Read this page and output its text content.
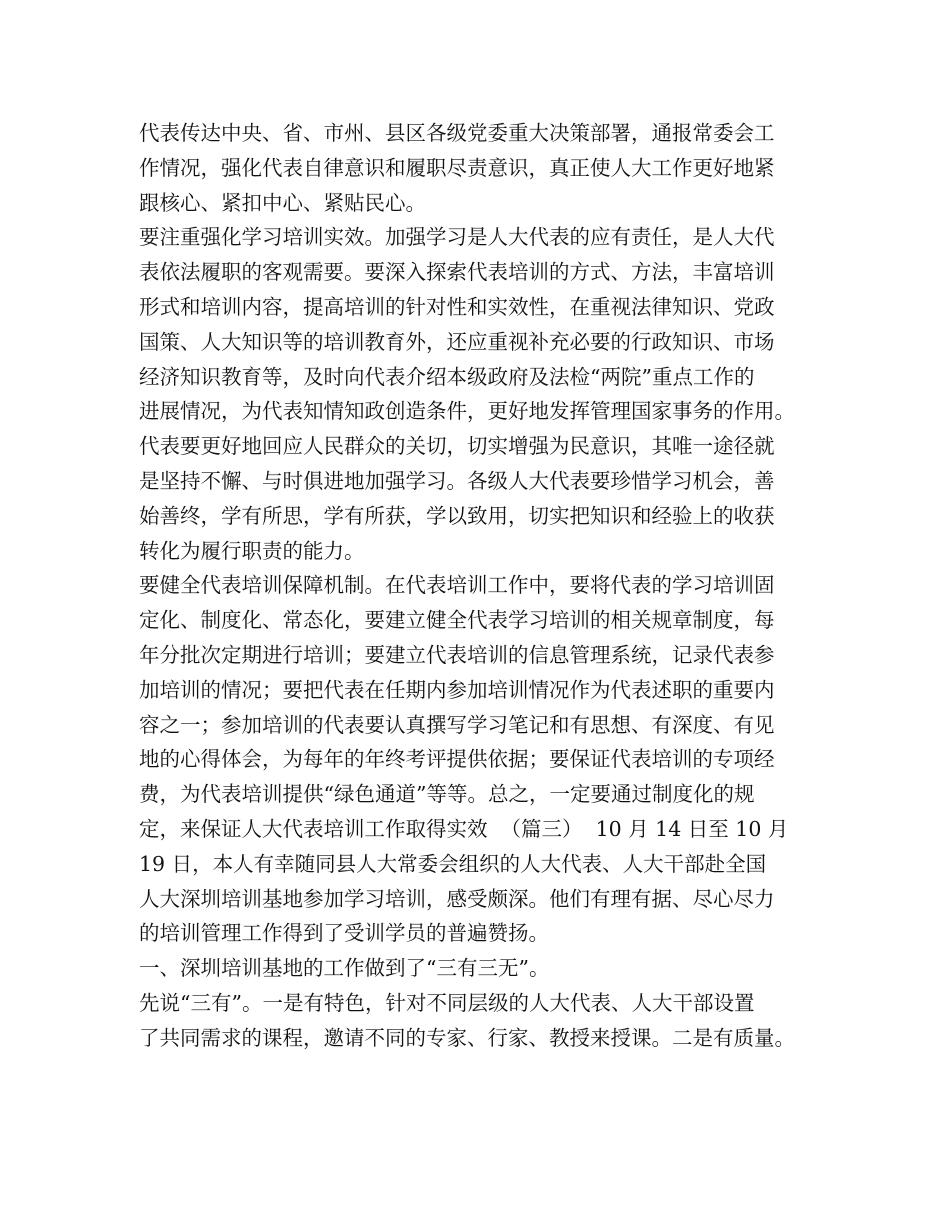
代表传达中央、省、市州、县区各级党委重大决策部署，通报常委会工
作情况，强化代表自律意识和履职尽责意识，真正使人大工作更好地紧
跟核心、紧扣中心、紧贴民心。
要注重强化学习培训实效。加强学习是人大代表的应有责任，是人大代
表依法履职的客观需要。要深入探索代表培训的方式、方法，丰富培训
形式和培训内容，提高培训的针对性和实效性，在重视法律知识、党政
国策、人大知识等的培训教育外，还应重视补充必要的行政知识、市场
经济知识教育等，及时向代表介绍本级政府及法检“两院”重点工作的
进展情况，为代表知情知政创造条件，更好地发挥管理国家事务的作用。
代表要更好地回应人民群众的关切，切实增强为民意识，其唯一途径就
是坚持不懈、与时俱进地加强学习。各级人大代表要珍惜学习机会，善
始善终，学有所思，学有所获，学以致用，切实把知识和经验上的收获
转化为履行职责的能力。
要健全代表培训保障机制。在代表培训工作中，要将代表的学习培训固
定化、制度化、常态化，要建立健全代表学习培训的相关规章制度，每
年分批次定期进行培训；要建立代表培训的信息管理系统，记录代表参
加培训的情况；要把代表在任期内参加培训情况作为代表述职的重要内
容之一；参加培训的代表要认真撰写学习笔记和有思想、有深度、有见
地的心得体会，为每年的年终考评提供依据；要保证代表培训的专项经
费，为代表培训提供“绿色通道”等等。总之，一定要通过制度化的规
定，来保证人大代表培训工作取得实效  （篇三）  10 月 14 日至 10 月
19 日，本人有幸随同县人大常委会组织的人大代表、人大干部赴全国
人大深圳培训基地参加学习培训，感受颇深。他们有理有据、尽心尽力
的培训管理工作得到了受训学员的普遍赞扬。
一、深圳培训基地的工作做到了“三有三无”。
先说“三有”。一是有特色，针对不同层级的人大代表、人大干部设置
了共同需求的课程，邀请不同的专家、行家、教授来授课。二是有质量。
